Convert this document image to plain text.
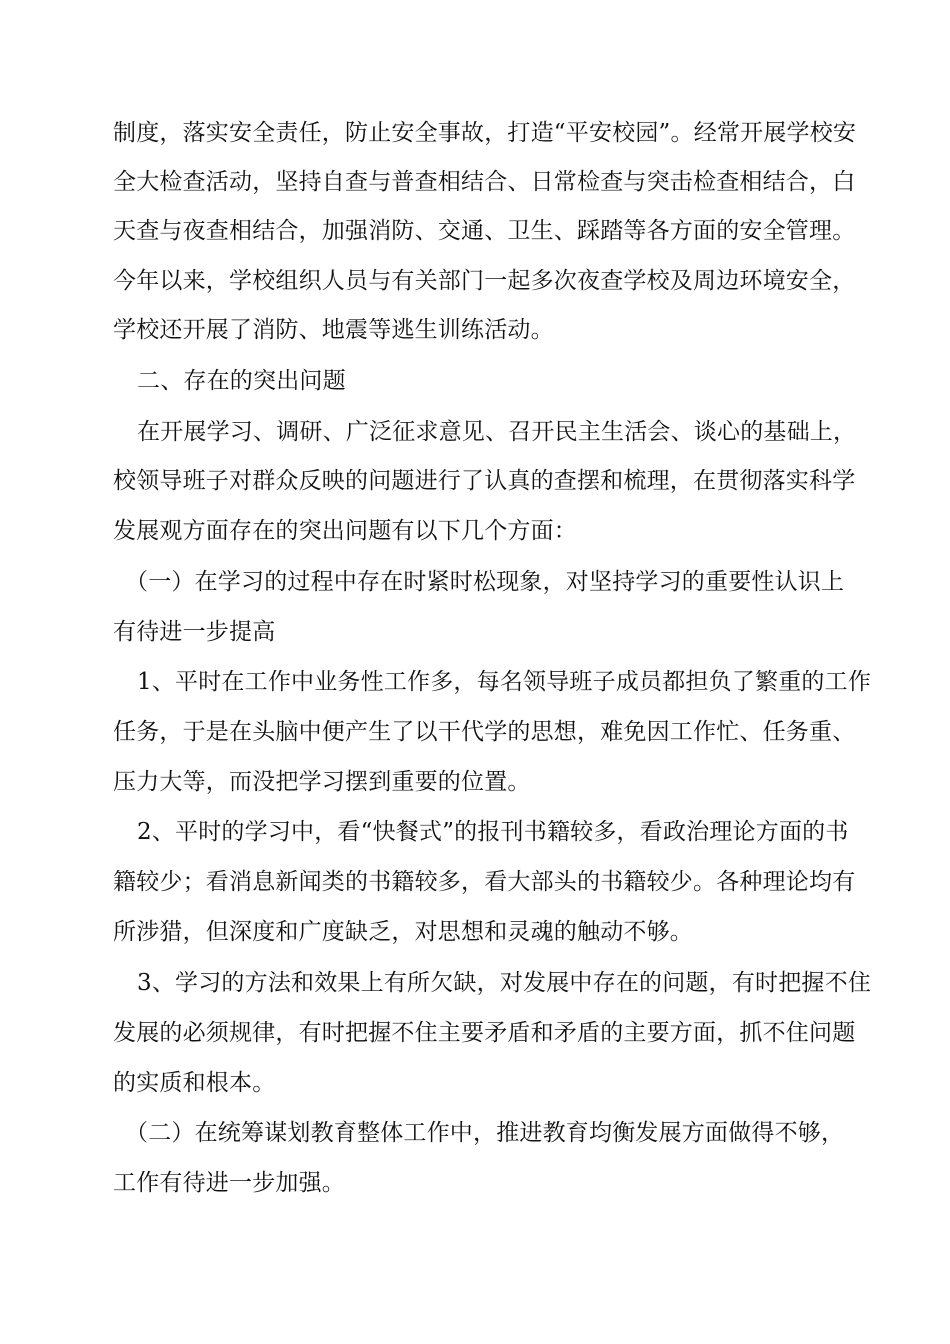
制度，落实安全责任，防止安全事故，打造“平安校园”。经常开展学校安
全大检查活动，坚持自查与普查相结合、日常检查与突击检查相结合，白
天查与夜查相结合，加强消防、交通、卫生、踩踏等各方面的安全管理。
今年以来，学校组织人员与有关部门一起多次夜查学校及周边环境安全，
学校还开展了消防、地震等逃生训练活动。
二、存在的突出问题
在开展学习、调研、广泛征求意见、召开民主生活会、谈心的基础上，
校领导班子对群众反映的问题进行了认真的查摆和梳理，在贯彻落实科学
发展观方面存在的突出问题有以下几个方面：
（一）在学习的过程中存在时紧时松现象，对坚持学习的重要性认识上
有待进一步提高
1、平时在工作中业务性工作多，每名领导班子成员都担负了繁重的工作
任务，于是在头脑中便产生了以干代学的思想，难免因工作忙、任务重、
压力大等，而没把学习摆到重要的位置。
2、平时的学习中，看“快餐式”的报刊书籍较多，看政治理论方面的书
籍较少；看消息新闻类的书籍较多，看大部头的书籍较少。各种理论均有
所涉猎，但深度和广度缺乏，对思想和灵魂的触动不够。
3、学习的方法和效果上有所欠缺，对发展中存在的问题，有时把握不住
发展的必须规律，有时把握不住主要矛盾和矛盾的主要方面，抓不住问题
的实质和根本。
（二）在统筹谋划教育整体工作中，推进教育均衡发展方面做得不够，
工作有待进一步加强。
